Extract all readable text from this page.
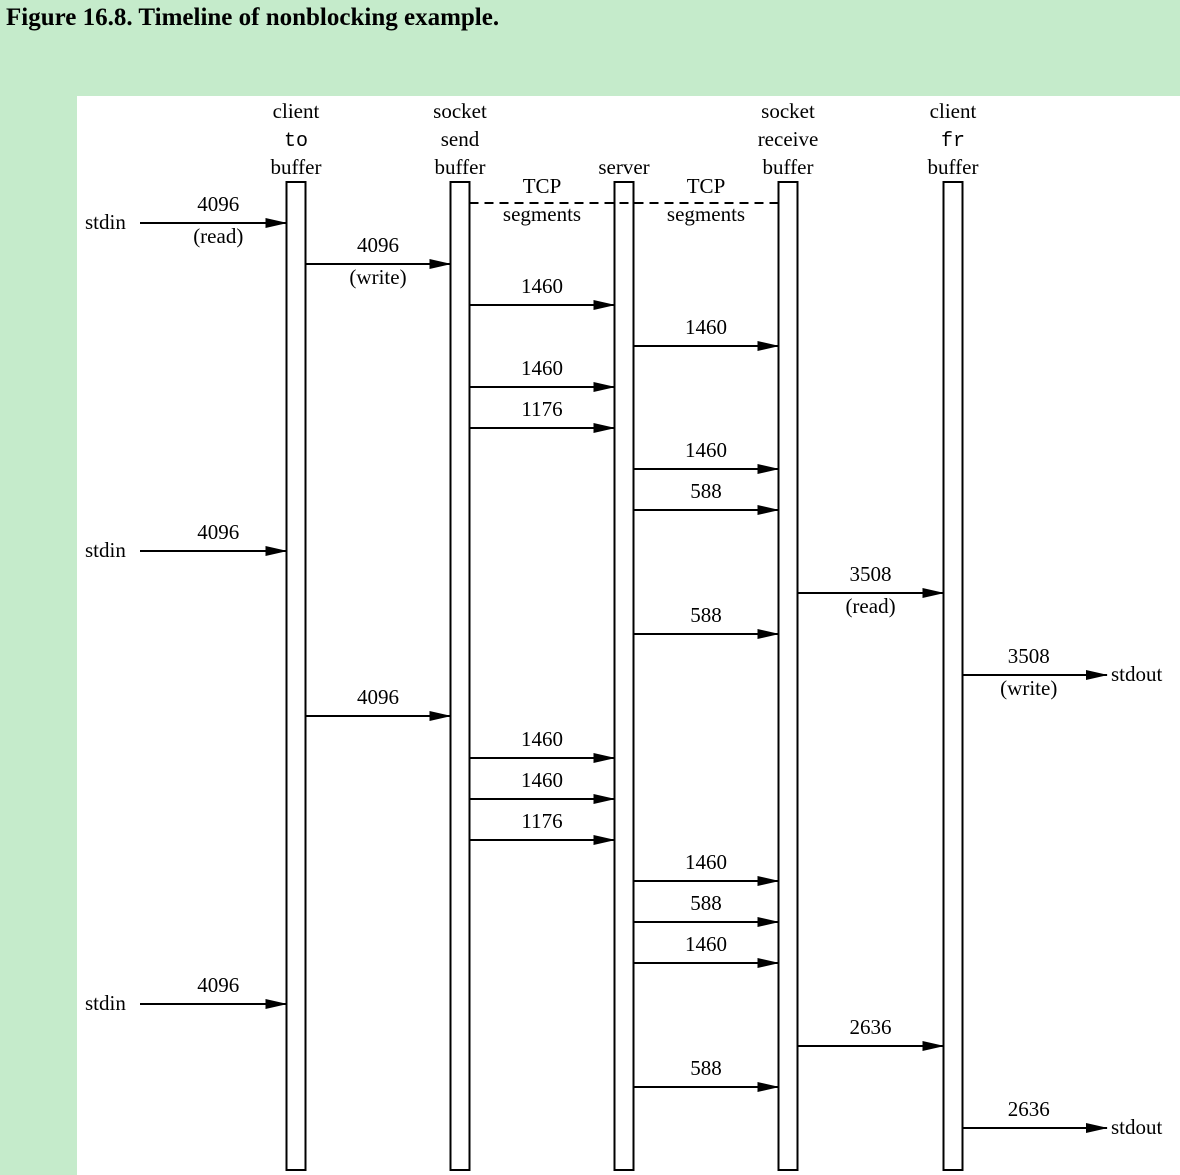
Figure 16.8. Timeline of nonblocking example.
client
to
buffer
socket
send
buffer	server
socket
receive
buffer
client
fr
buffer
TCP
segments
TCP
segments
stdin
4096
(read)	4096
(write)	1460
1460
1460
1176
1460
588
stdin
4096
3508
(read)
588
stdout
3508
(write)
4096
1460
1460
1176
1460
588
1460
stdin
4096
2636
588
stdout
2636
